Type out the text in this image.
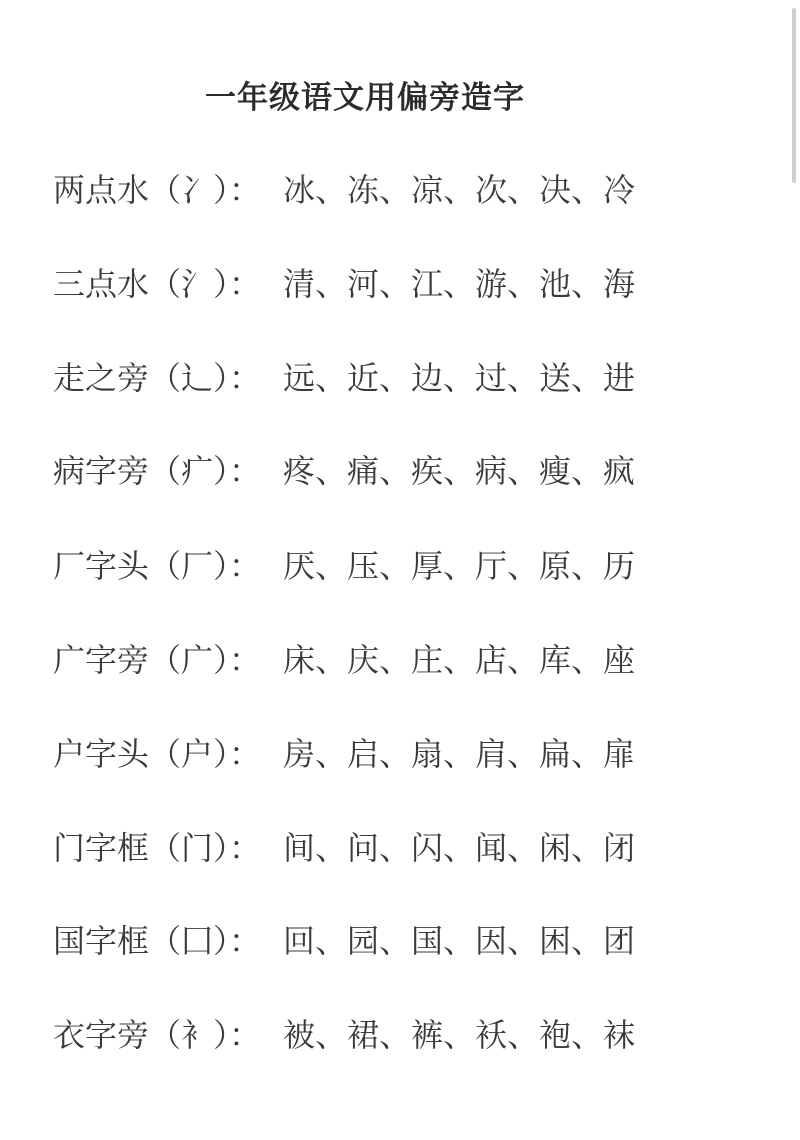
一年级语文用偏旁造字
两点水（冫）： 冰、冻、凉、次、决、冷
三点水（氵）： 清、河、江、游、池、海
走之旁（辶）： 远、近、边、过、送、进
病字旁（疒）： 疼、痛、疾、病、瘦、疯
厂字头（厂）： 厌、压、厚、厅、原、历
广字旁（广）： 床、庆、庄、店、库、座
户字头（户）： 房、启、扇、肩、扁、扉
门字框（门）： 间、问、闪、闻、闲、闭
国字框（囗）： 回、园、国、因、困、团
衣字旁（衤）： 被、裙、裤、袄、袍、袜
